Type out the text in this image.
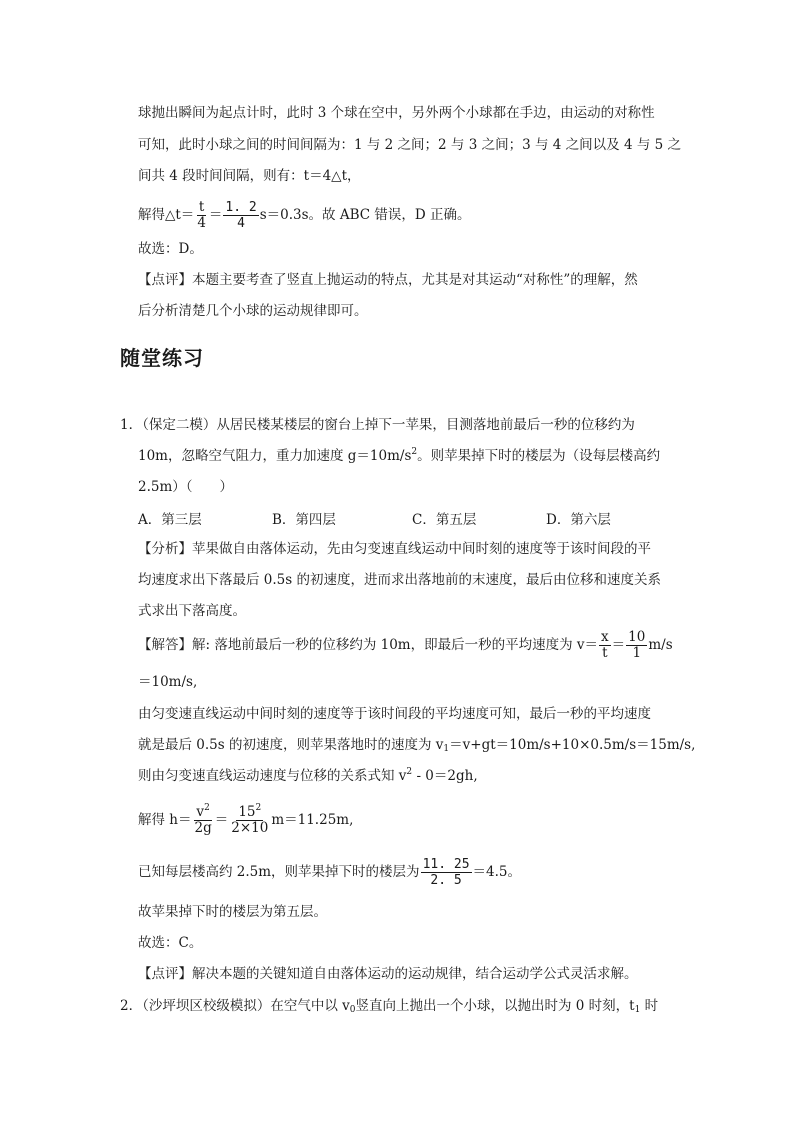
球抛出瞬间为起点计时，此时 3 个球在空中，另外两个小球都在手边，由运动的对称性
可知，此时小球之间的时间间隔为：1 与 2 之间；2 与 3 之间；3 与 4 之间以及 4 与 5 之
间共 4 段时间间隔，则有：t＝4△t，
解得△t＝ $\frac{t}{4} = \frac{1. 2}{4} s=0.3s$。故 ABC 错误，D 正确。
故选：D。
【点评】本题主要考查了竖直上抛运动的特点，尤其是对其运动“对称性”的理解，然
后分析清楚几个小球的运动规律即可。
随堂练习
1．（保定二模）从居民楼某楼层的窗台上掉下一苹果，目测落地前最后一秒的位移约为
10m，忽略空气阻力，重力加速度 $g=10m/s^2$。则苹果掉下时的楼层为（设每层楼高约
2.5m）（　　）
A．第三层	B．第四层	C．第五层	D．第六层
【分析】苹果做自由落体运动，先由匀变速直线运动中间时刻的速度等于该时间段的平
均速度求出下落最后 0.5s 的初速度，进而求出落地前的末速度，最后由位移和速度关系
式求出下落高度。
【解答】解: 落地前最后一秒的位移约为 10m，即最后一秒的平均速度为 $v= \frac{x}{t} = \frac{10}{1} m/s$
＝10m/s,
由匀变速直线运动中间时刻的速度等于该时间段的平均速度可知，最后一秒的平均速度
就是最后 0.5s 的初速度，则苹果落地时的速度为 $v_1=v+gt=10m/s+10\times 0.5m/s=15m/s$,
则由匀变速直线运动速度与位移的关系式知 $v^2 - 0=2gh$,
解得 $h= \frac{v^2}{2g} = \frac{15^2}{2\times 10} m=11.25m$,
已知每层楼高约 2.5m，则苹果掉下时的楼层为 $\frac{11. 25}{2. 5} =4.5$。
故苹果掉下时的楼层为第五层。
故选：C。
【点评】解决本题的关键知道自由落体运动的运动规律，结合运动学公式灵活求解。
2．（沙坪坝区校级模拟）在空气中以 $v_0$竖直向上抛出一个小球，以抛出时为 0 时刻，$t_1$ 时
